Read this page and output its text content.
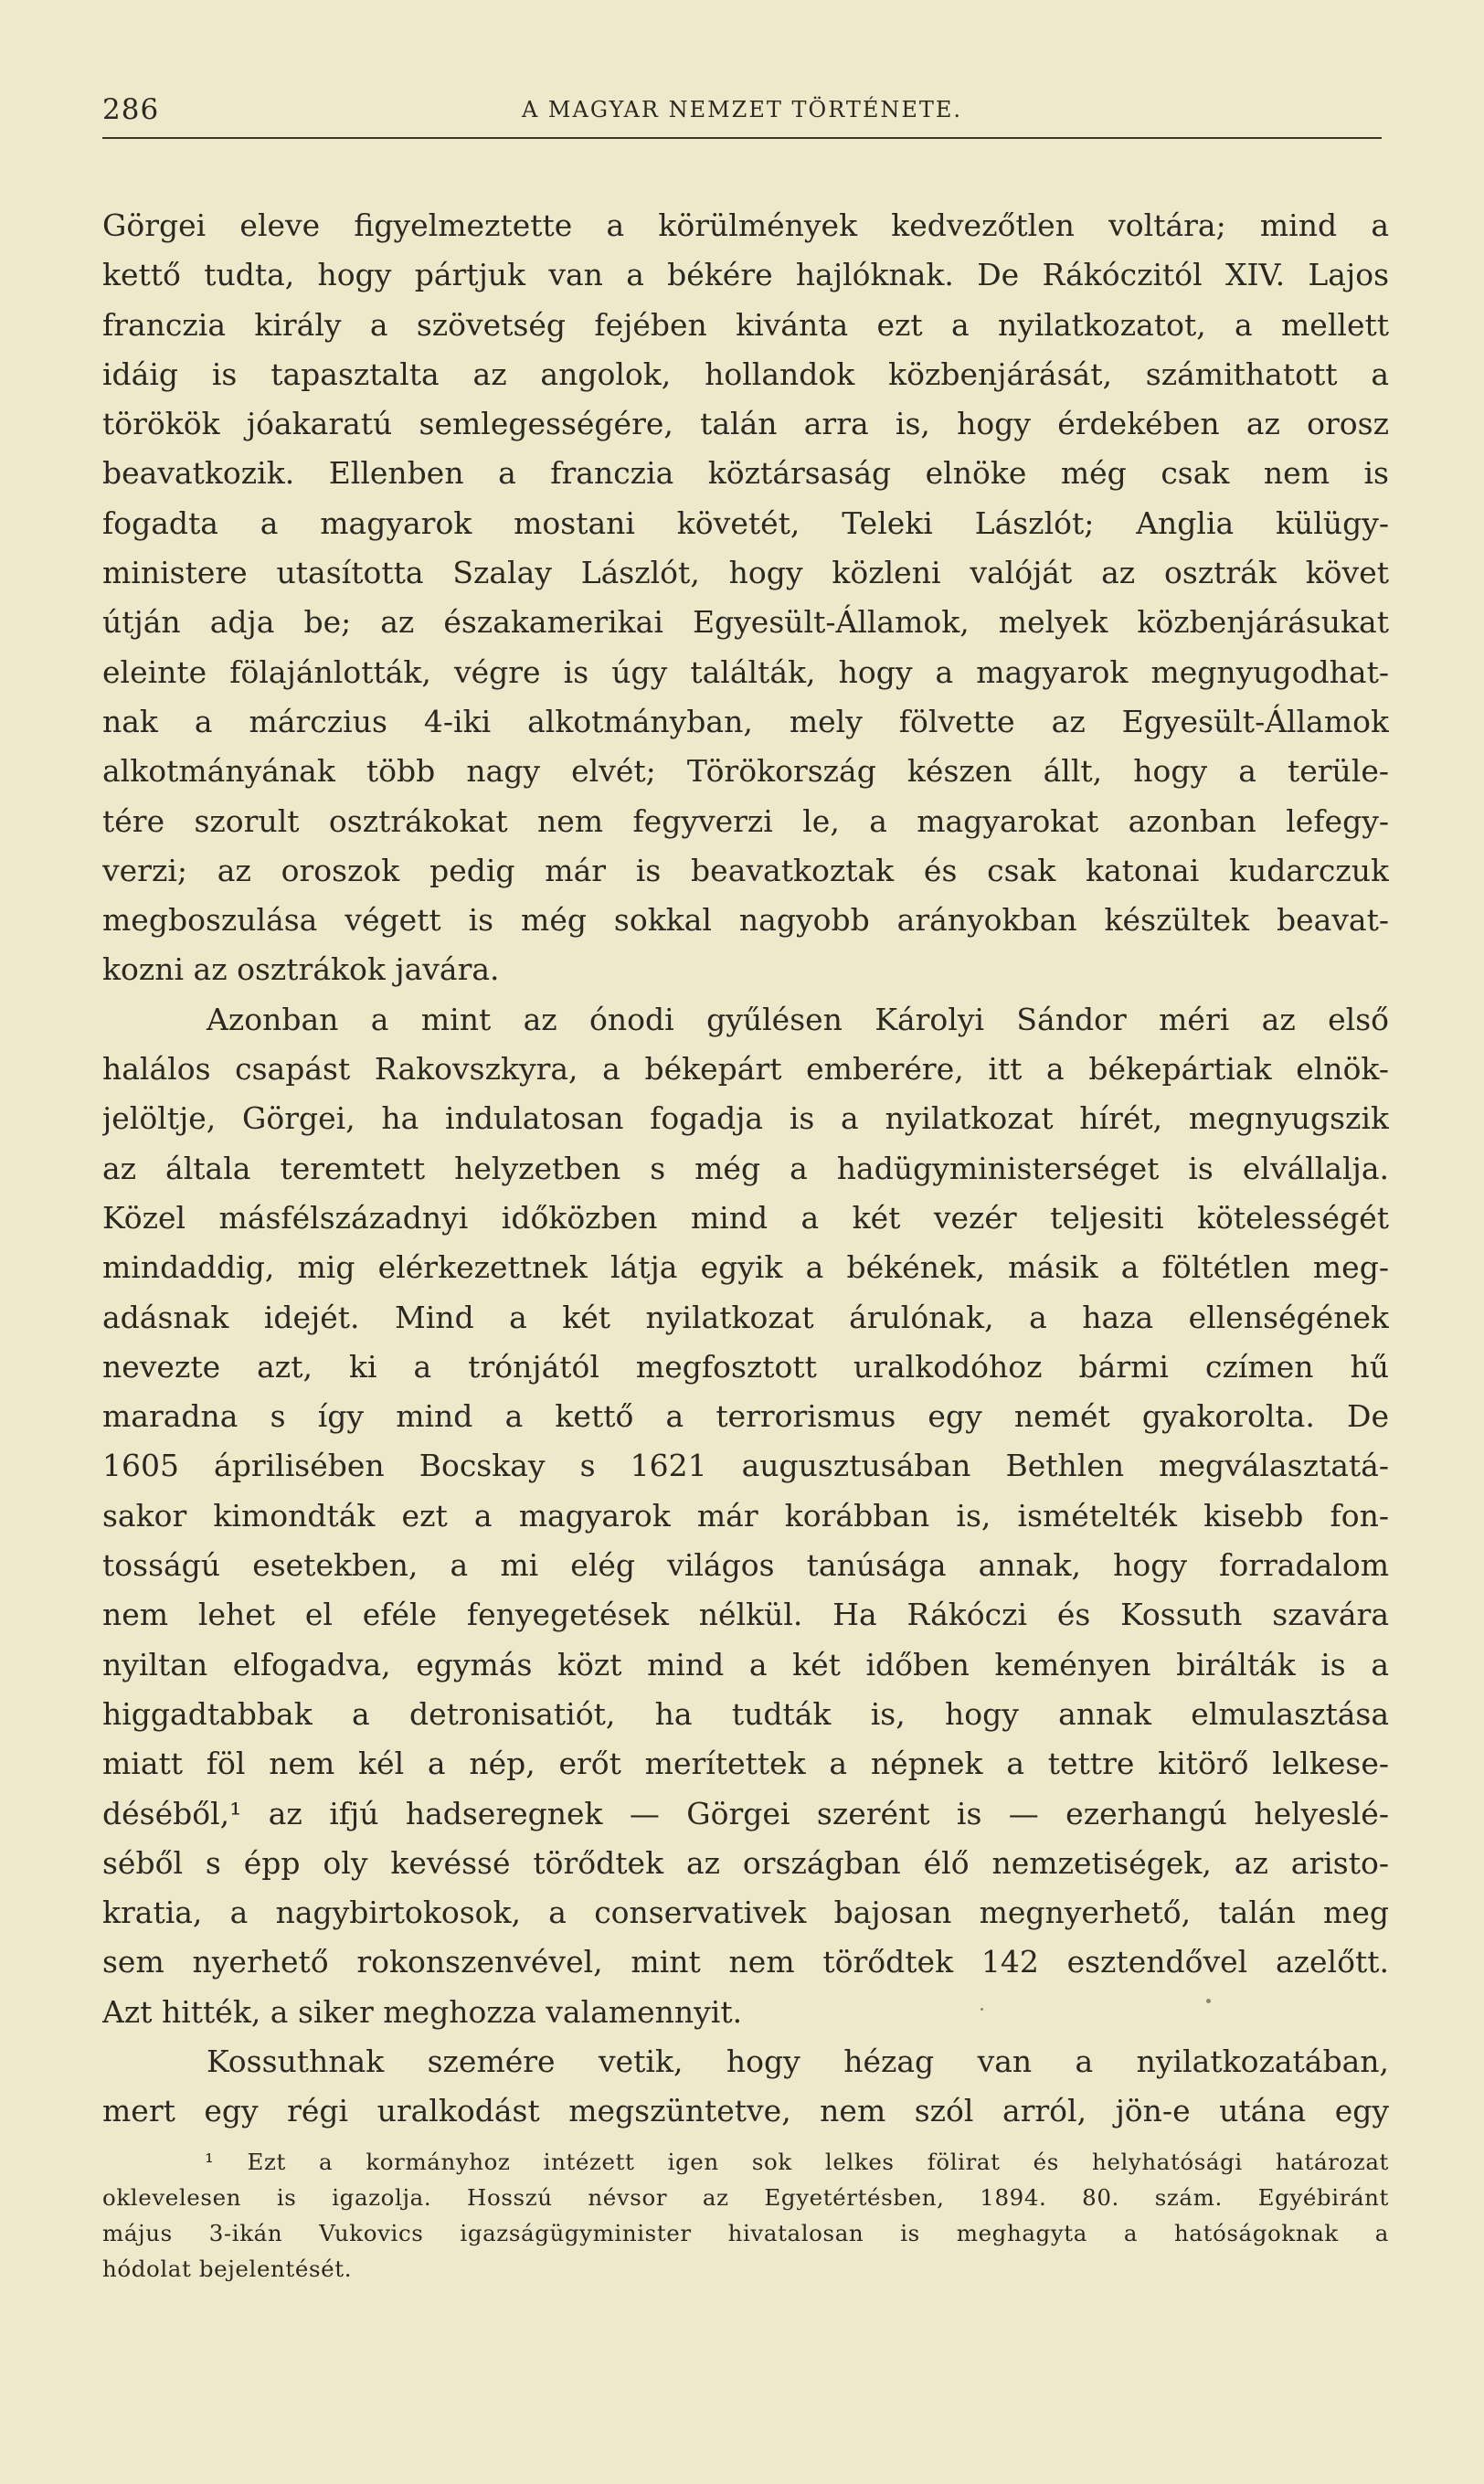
286	A MAGYAR NEMZET TÖRTÉNETE.
Görgei eleve figyelmeztette a körülmények kedvezőtlen voltára; mind a
kettő tudta, hogy pártjuk van a békére hajlóknak. De Rákóczitól XIV. Lajos
franczia király a szövetség fejében kivánta ezt a nyilatkozatot, a mellett
idáig is tapasztalta az angolok, hollandok közbenjárását, számithatott a
törökök jóakaratú semlegességére, talán arra is, hogy érdekében az orosz
beavatkozik. Ellenben a franczia köztársaság elnöke még csak nem is
fogadta a magyarok mostani követét, Teleki Lászlót; Anglia külügy-
ministere utasította Szalay Lászlót, hogy közleni valóját az osztrák követ
útján adja be; az északamerikai Egyesült-Államok, melyek közbenjárásukat
eleinte fölajánlották, végre is úgy találták, hogy a magyarok megnyugodhat-
nak a márczius 4-iki alkotmányban, mely fölvette az Egyesült-Államok
alkotmányának több nagy elvét; Törökország készen állt, hogy a terüle-
tére szorult osztrákokat nem fegyverzi le, a magyarokat azonban lefegy-
verzi; az oroszok pedig már is beavatkoztak és csak katonai kudarczuk
megboszulása végett is még sokkal nagyobb arányokban készültek beavat-
kozni az osztrákok javára.
Azonban a mint az ónodi gyűlésen Károlyi Sándor méri az első
halálos csapást Rakovszkyra, a békepárt emberére, itt a békepártiak elnök-
jelöltje, Görgei, ha indulatosan fogadja is a nyilatkozat hírét, megnyugszik
az általa teremtett helyzetben s még a hadügyministerséget is elvállalja.
Közel másfélszázadnyi időközben mind a két vezér teljesiti kötelességét
mindaddig, mig elérkezettnek látja egyik a békének, másik a föltétlen meg-
adásnak idejét. Mind a két nyilatkozat árulónak, a haza ellenségének
nevezte azt, ki a trónjától megfosztott uralkodóhoz bármi czímen hű
maradna s így mind a kettő a terrorismus egy nemét gyakorolta. De
1605 áprilisében Bocskay s 1621 augusztusában Bethlen megválasztatá-
sakor kimondták ezt a magyarok már korábban is, ismételték kisebb fon-
tosságú esetekben, a mi elég világos tanúsága annak, hogy forradalom
nem lehet el eféle fenyegetések nélkül. Ha Rákóczi és Kossuth szavára
nyiltan elfogadva, egymás közt mind a két időben keményen birálták is a
higgadtabbak a detronisatiót, ha tudták is, hogy annak elmulasztása
miatt föl nem kél a nép, erőt merítettek a népnek a tettre kitörő lelkese-
déséből,¹ az ifjú hadseregnek — Görgei szerént is — ezerhangú helyeslé-
séből s épp oly kevéssé törődtek az országban élő nemzetiségek, az aristo-
kratia, a nagybirtokosok, a conservativek bajosan megnyerhető, talán meg
sem nyerhető rokonszenvével, mint nem törődtek 142 esztendővel azelőtt.
Azt hitték, a siker meghozza valamennyit.
Kossuthnak szemére vetik, hogy hézag van a nyilatkozatában,
mert egy régi uralkodást megszüntetve, nem szól arról, jön-e utána egy
¹ Ezt a kormányhoz intézett igen sok lelkes fölirat és helyhatósági határozat
oklevelesen is igazolja. Hosszú névsor az Egyetértésben, 1894. 80. szám. Egyébiránt
május 3-ikán Vukovics igazságügyminister hivatalosan is meghagyta a hatóságoknak a
hódolat bejelentését.
